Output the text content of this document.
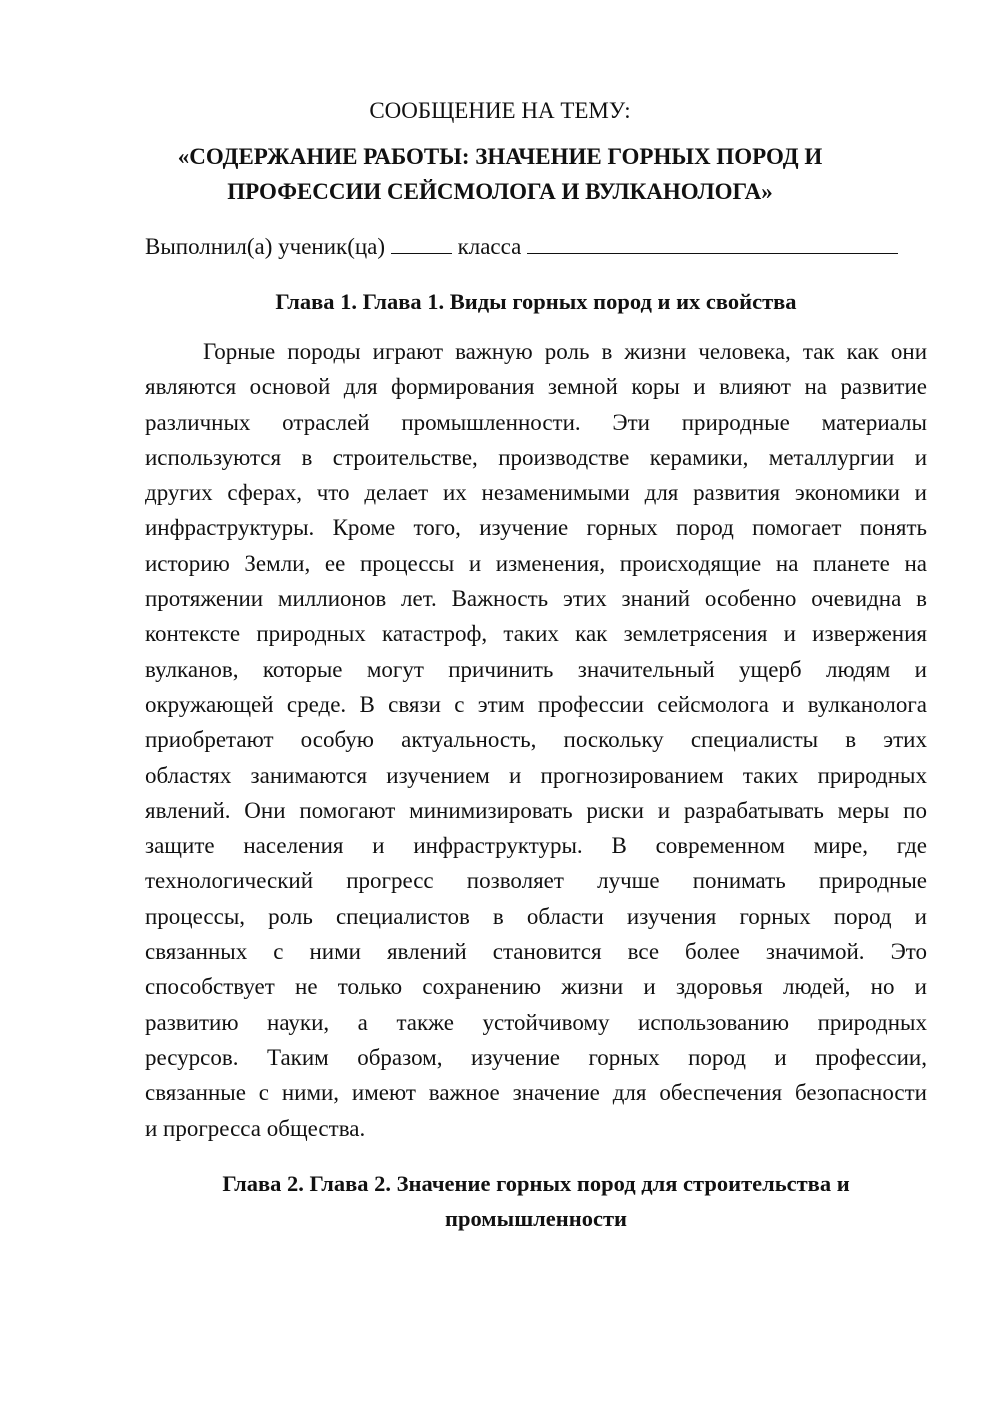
СООБЩЕНИЕ НА ТЕМУ:

«СОДЕРЖАНИЕ РАБОТЫ: ЗНАЧЕНИЕ ГОРНЫХ ПОРОД И
ПРОФЕССИИ СЕЙСМОЛОГА И ВУЛКАНОЛОГА»
Выполнил(а) ученик(ца)	класса
Глава 1. Глава 1. Виды горных пород и их свойства
Горные породы играют важную роль в жизни человека, так как они
являются основой для формирования земной коры и влияют на развитие
различных отраслей промышленности. Эти природные материалы
используются в строительстве, производстве керамики, металлургии и
других сферах, что делает их незаменимыми для развития экономики и
инфраструктуры. Кроме того, изучение горных пород помогает понять
историю Земли, ее процессы и изменения, происходящие на планете на
протяжении миллионов лет. Важность этих знаний особенно очевидна в
контексте природных катастроф, таких как землетрясения и извержения
вулканов, которые могут причинить значительный ущерб людям и
окружающей среде. В связи с этим профессии сейсмолога и вулканолога
приобретают особую актуальность, поскольку специалисты в этих
областях занимаются изучением и прогнозированием таких природных
явлений. Они помогают минимизировать риски и разрабатывать меры по
защите населения и инфраструктуры. В современном мире, где
технологический прогресс позволяет лучше понимать природные
процессы, роль специалистов в области изучения горных пород и
связанных с ними явлений становится все более значимой. Это
способствует не только сохранению жизни и здоровья людей, но и
развитию науки, а также устойчивому использованию природных
ресурсов. Таким образом, изучение горных пород и профессии,
связанные с ними, имеют важное значение для обеспечения безопасности
и прогресса общества.
Глава 2. Глава 2. Значение горных пород для строительства и
промышленности
